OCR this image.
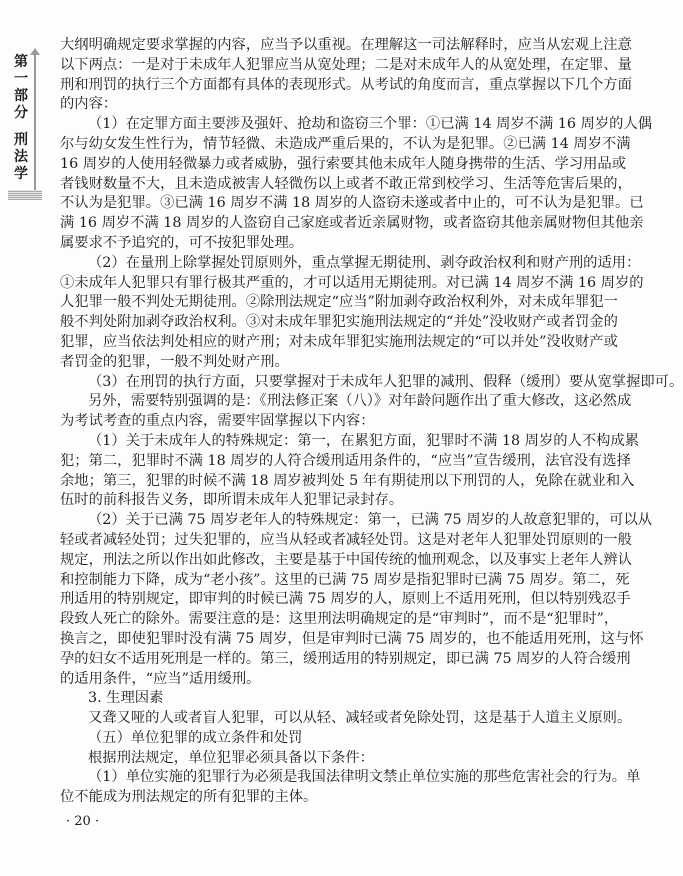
第
一
部
分
刑
法
学
大纲明确规定要求掌握的内容，应当予以重视。在理解这一司法解释时，应当从宏观上注意
以下两点：一是对于未成年人犯罪应当从宽处理；二是对未成年人的从宽处理，在定罪、量
刑和刑罚的执行三个方面都有具体的表现形式。从考试的角度而言，重点掌握以下几个方面
的内容：
（1）在定罪方面主要涉及强奸、抢劫和盗窃三个罪：①已满 14 周岁不满 16 周岁的人偶
尔与幼女发生性行为，情节轻微、未造成严重后果的，不认为是犯罪。②已满 14 周岁不满
16 周岁的人使用轻微暴力或者威胁，强行索要其他未成年人随身携带的生活、学习用品或
者钱财数量不大，且未造成被害人轻微伤以上或者不敢正常到校学习、生活等危害后果的，
不认为是犯罪。③已满 16 周岁不满 18 周岁的人盗窃未遂或者中止的，可不认为是犯罪。已
满 16 周岁不满 18 周岁的人盗窃自己家庭或者近亲属财物，或者盗窃其他亲属财物但其他亲
属要求不予追究的，可不按犯罪处理。
（2）在量刑上除掌握处罚原则外，重点掌握无期徒刑、剥夺政治权利和财产刑的适用：
①未成年人犯罪只有罪行极其严重的，才可以适用无期徒刑。对已满 14 周岁不满 16 周岁的
人犯罪一般不判处无期徒刑。②除刑法规定“应当”附加剥夺政治权利外，对未成年罪犯一
般不判处附加剥夺政治权利。③对未成年罪犯实施刑法规定的“并处”没收财产或者罚金的
犯罪，应当依法判处相应的财产刑；对未成年罪犯实施刑法规定的“可以并处”没收财产或
者罚金的犯罪，一般不判处财产刑。
（3）在刑罚的执行方面，只要掌握对于未成年人犯罪的减刑、假释（缓刑）要从宽掌握即可。
另外，需要特别强调的是：《刑法修正案（八）》对年龄问题作出了重大修改，这必然成
为考试考查的重点内容，需要牢固掌握以下内容：
（1）关于未成年人的特殊规定：第一，在累犯方面，犯罪时不满 18 周岁的人不构成累
犯；第二，犯罪时不满 18 周岁的人符合缓刑适用条件的，“应当”宣告缓刑，法官没有选择
余地；第三，犯罪的时候不满 18 周岁被判处 5 年有期徒刑以下刑罚的人，免除在就业和入
伍时的前科报告义务，即所谓未成年人犯罪记录封存。
（2）关于已满 75 周岁老年人的特殊规定：第一，已满 75 周岁的人故意犯罪的，可以从
轻或者减轻处罚；过失犯罪的，应当从轻或者减轻处罚。这是对老年人犯罪处罚原则的一般
规定，刑法之所以作出如此修改，主要是基于中国传统的恤刑观念，以及事实上老年人辨认
和控制能力下降，成为“老小孩”。这里的已满 75 周岁是指犯罪时已满 75 周岁。第二，死
刑适用的特别规定，即审判的时候已满 75 周岁的人，原则上不适用死刑，但以特别残忍手
段致人死亡的除外。需要注意的是：这里刑法明确规定的是“审判时”，而不是“犯罪时”，
换言之，即使犯罪时没有满 75 周岁，但是审判时已满 75 周岁的，也不能适用死刑，这与怀
孕的妇女不适用死刑是一样的。第三，缓刑适用的特别规定，即已满 75 周岁的人符合缓刑
的适用条件，“应当”适用缓刑。
3. 生理因素
又聋又哑的人或者盲人犯罪，可以从轻、减轻或者免除处罚，这是基于人道主义原则。
（五）单位犯罪的成立条件和处罚
根据刑法规定，单位犯罪必须具备以下条件：
（1）单位实施的犯罪行为必须是我国法律明文禁止单位实施的那些危害社会的行为。单
位不能成为刑法规定的所有犯罪的主体。
· 20 ·
